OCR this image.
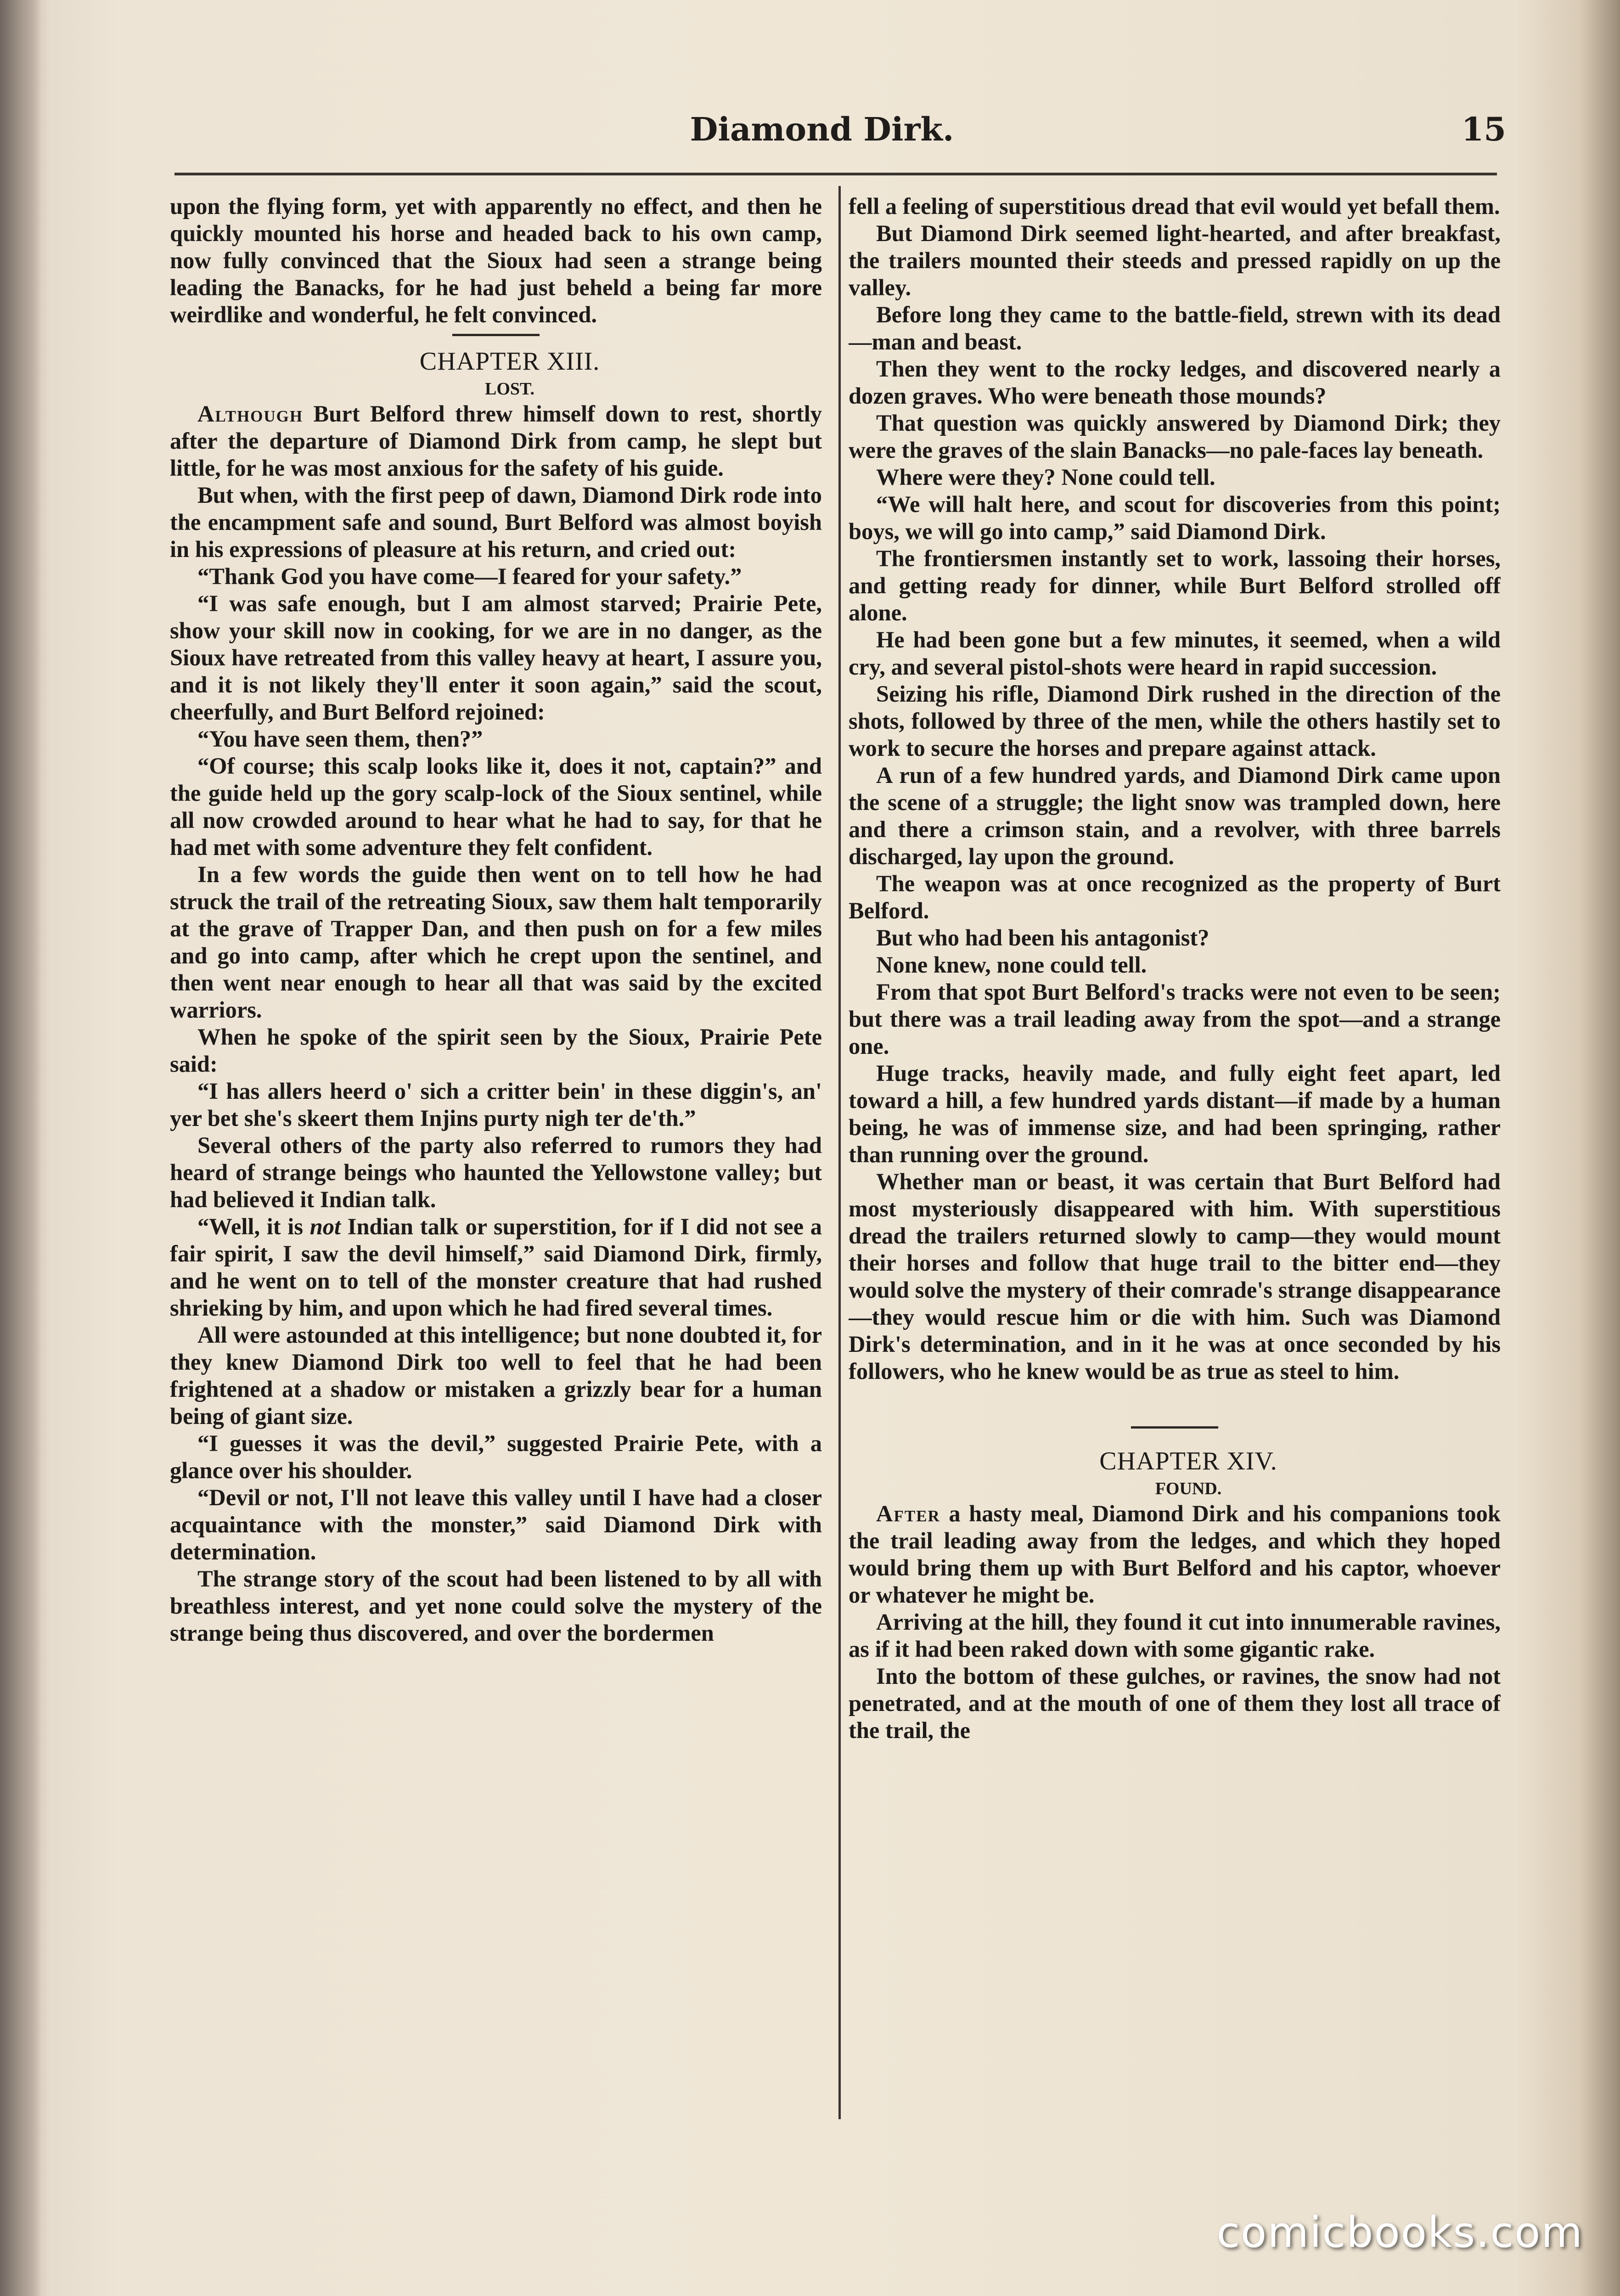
Diamond Dirk.	15

upon the flying form, yet with apparently no effect, and then he quickly mounted his horse and headed back to his own camp, now fully convinced that the Sioux had seen a strange being leading the Banacks, for he had just beheld a being far more weirdlike and wonderful, he felt convinced.

CHAPTER XIII.

LOST.

Although Burt Belford threw himself down to rest, shortly after the departure of Diamond Dirk from camp, he slept but little, for he was most anxious for the safety of his guide.

But when, with the first peep of dawn, Diamond Dirk rode into the encampment safe and sound, Burt Belford was almost boyish in his expressions of pleasure at his return, and cried out:

“Thank God you have come—I feared for your safety.”

“I was safe enough, but I am almost starved; Prairie Pete, show your skill now in cooking, for we are in no danger, as the Sioux have retreated from this valley heavy at heart, I assure you, and it is not likely they'll enter it soon again,” said the scout, cheerfully, and Burt Belford rejoined:

“You have seen them, then?”

“Of course; this scalp looks like it, does it not, captain?” and the guide held up the gory scalp-lock of the Sioux sentinel, while all now crowded around to hear what he had to say, for that he had met with some adventure they felt confident.

In a few words the guide then went on to tell how he had struck the trail of the retreating Sioux, saw them halt temporarily at the grave of Trapper Dan, and then push on for a few miles and go into camp, after which he crept upon the sentinel, and then went near enough to hear all that was said by the excited warriors.

When he spoke of the spirit seen by the Sioux, Prairie Pete said:

“I has allers heerd o' sich a critter bein' in these diggin's, an' yer bet she's skeert them Injins purty nigh ter de'th.”

Several others of the party also referred to rumors they had heard of strange beings who haunted the Yellowstone valley; but had believed it Indian talk.

“Well, it is not Indian talk or superstition, for if I did not see a fair spirit, I saw the devil himself,” said Diamond Dirk, firmly, and he went on to tell of the monster creature that had rushed shrieking by him, and upon which he had fired several times.

All were astounded at this intelligence; but none doubted it, for they knew Diamond Dirk too well to feel that he had been frightened at a shadow or mistaken a grizzly bear for a human being of giant size.

“I guesses it was the devil,” suggested Prairie Pete, with a glance over his shoulder.

“Devil or not, I'll not leave this valley until I have had a closer acquaintance with the monster,” said Diamond Dirk with determination.

The strange story of the scout had been listened to by all with breathless interest, and yet none could solve the mystery of the strange being thus discovered, and over the bordermen

fell a feeling of superstitious dread that evil would yet befall them.

But Diamond Dirk seemed light-hearted, and after breakfast, the trailers mounted their steeds and pressed rapidly on up the valley.

Before long they came to the battle-field, strewn with its dead—man and beast.

Then they went to the rocky ledges, and discovered nearly a dozen graves. Who were beneath those mounds?

That question was quickly answered by Diamond Dirk; they were the graves of the slain Banacks—no pale-faces lay beneath.

Where were they? None could tell.

“We will halt here, and scout for discoveries from this point; boys, we will go into camp,” said Diamond Dirk.

The frontiersmen instantly set to work, lassoing their horses, and getting ready for dinner, while Burt Belford strolled off alone.

He had been gone but a few minutes, it seemed, when a wild cry, and several pistol-shots were heard in rapid succession.

Seizing his rifle, Diamond Dirk rushed in the direction of the shots, followed by three of the men, while the others hastily set to work to secure the horses and prepare against attack.

A run of a few hundred yards, and Diamond Dirk came upon the scene of a struggle; the light snow was trampled down, here and there a crimson stain, and a revolver, with three barrels discharged, lay upon the ground.

The weapon was at once recognized as the property of Burt Belford.

But who had been his antagonist?

None knew, none could tell.

From that spot Burt Belford's tracks were not even to be seen; but there was a trail leading away from the spot—and a strange one.

Huge tracks, heavily made, and fully eight feet apart, led toward a hill, a few hundred yards distant—if made by a human being, he was of immense size, and had been springing, rather than running over the ground.

Whether man or beast, it was certain that Burt Belford had most mysteriously disappeared with him. With superstitious dread the trailers returned slowly to camp—they would mount their horses and follow that huge trail to the bitter end—they would solve the mystery of their comrade's strange disappearance—they would rescue him or die with him. Such was Diamond Dirk's determination, and in it he was at once seconded by his followers, who he knew would be as true as steel to him.

CHAPTER XIV.

FOUND.

After a hasty meal, Diamond Dirk and his companions took the trail leading away from the ledges, and which they hoped would bring them up with Burt Belford and his captor, whoever or whatever he might be.

Arriving at the hill, they found it cut into innumerable ravines, as if it had been raked down with some gigantic rake.

Into the bottom of these gulches, or ravines, the snow had not penetrated, and at the mouth of one of them they lost all trace of the trail, the

comicbooks.com
